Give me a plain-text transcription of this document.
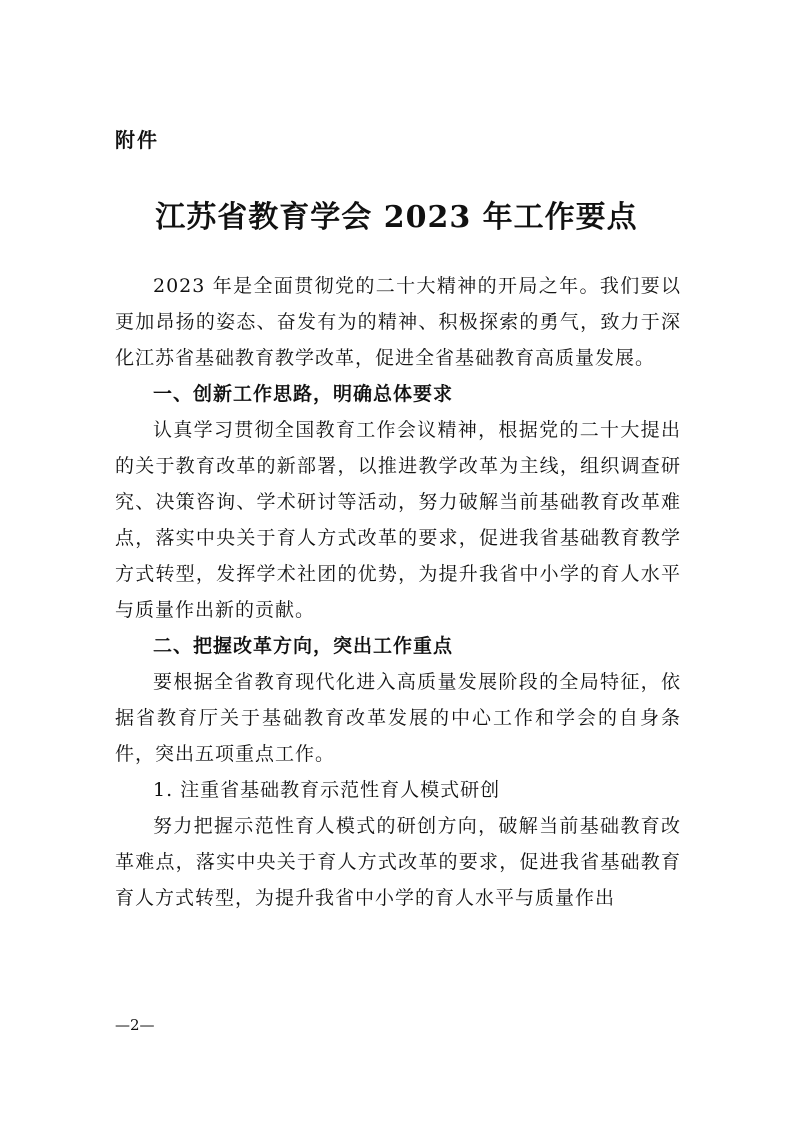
附件
江苏省教育学会 2023 年工作要点

2023 年是全面贯彻党的二十大精神的开局之年。我们要以更加昂扬的姿态、奋发有为的精神、积极探索的勇气，致力于深化江苏省基础教育教学改革，促进全省基础教育高质量发展。

一、创新工作思路，明确总体要求

认真学习贯彻全国教育工作会议精神，根据党的二十大提出的关于教育改革的新部署，以推进教学改革为主线，组织调查研究、决策咨询、学术研讨等活动，努力破解当前基础教育改革难点，落实中央关于育人方式改革的要求，促进我省基础教育教学方式转型，发挥学术社团的优势，为提升我省中小学的育人水平与质量作出新的贡献。

二、把握改革方向，突出工作重点

要根据全省教育现代化进入高质量发展阶段的全局特征，依据省教育厅关于基础教育改革发展的中心工作和学会的自身条件，突出五项重点工作。

1. 注重省基础教育示范性育人模式研创

努力把握示范性育人模式的研创方向，破解当前基础教育改革难点，落实中央关于育人方式改革的要求，促进我省基础教育育人方式转型，为提升我省中小学的育人水平与质量作出

—2—
